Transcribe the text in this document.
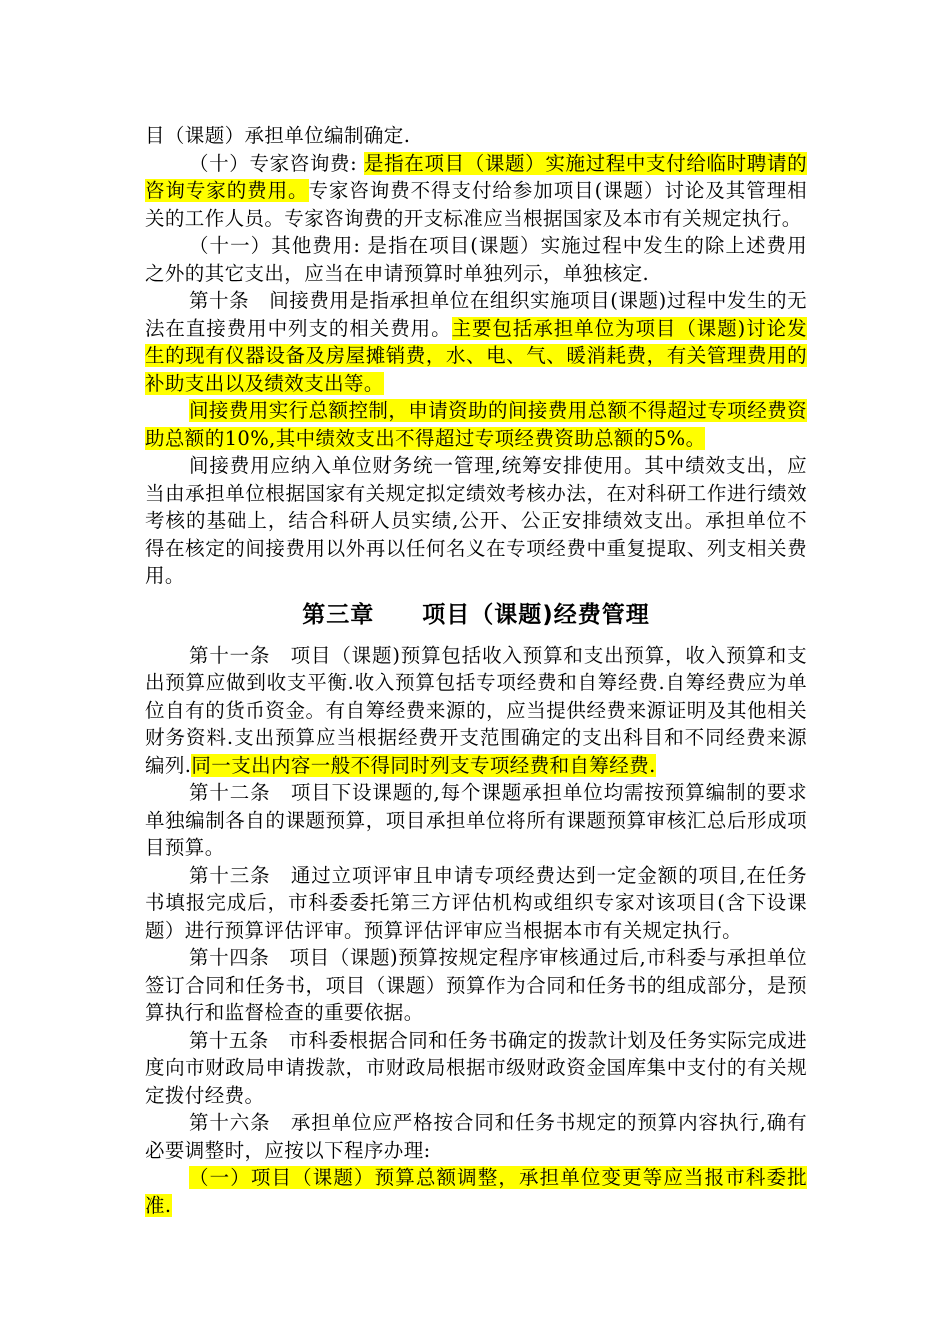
目（课题）承担单位编制确定.

（十）专家咨询费: 是指在项目（课题）实施过程中支付给临时聘请的咨询专家的费用。专家咨询费不得支付给参加项目(课题）讨论及其管理相关的工作人员。专家咨询费的开支标准应当根据国家及本市有关规定执行。

（十一）其他费用: 是指在项目(课题）实施过程中发生的除上述费用之外的其它支出，应当在申请预算时单独列示，单独核定.

第十条　间接费用是指承担单位在组织实施项目(课题)过程中发生的无法在直接费用中列支的相关费用。主要包括承担单位为项目（课题)讨论发生的现有仪器设备及房屋摊销费，水、电、气、暖消耗费，有关管理费用的补助支出以及绩效支出等。

间接费用实行总额控制，申请资助的间接费用总额不得超过专项经费资助总额的10%,其中绩效支出不得超过专项经费资助总额的5%。

间接费用应纳入单位财务统一管理,统筹安排使用。其中绩效支出，应当由承担单位根据国家有关规定拟定绩效考核办法，在对科研工作进行绩效考核的基础上，结合科研人员实绩,公开、公正安排绩效支出。承担单位不得在核定的间接费用以外再以任何名义在专项经费中重复提取、列支相关费用。

第三章　　项目（课题)经费管理

第十一条　项目（课题)预算包括收入预算和支出预算，收入预算和支出预算应做到收支平衡.收入预算包括专项经费和自筹经费.自筹经费应为单位自有的货币资金。有自筹经费来源的，应当提供经费来源证明及其他相关财务资料.支出预算应当根据经费开支范围确定的支出科目和不同经费来源编列.同一支出内容一般不得同时列支专项经费和自筹经费.

第十二条　项目下设课题的,每个课题承担单位均需按预算编制的要求单独编制各自的课题预算，项目承担单位将所有课题预算审核汇总后形成项目预算。

第十三条　通过立项评审且申请专项经费达到一定金额的项目,在任务书填报完成后，市科委委托第三方评估机构或组织专家对该项目(含下设课题）进行预算评估评审。预算评估评审应当根据本市有关规定执行。

第十四条　项目（课题)预算按规定程序审核通过后,市科委与承担单位签订合同和任务书，项目（课题）预算作为合同和任务书的组成部分，是预算执行和监督检查的重要依据。

第十五条　市科委根据合同和任务书确定的拨款计划及任务实际完成进度向市财政局申请拨款，市财政局根据市级财政资金国库集中支付的有关规定拨付经费。

第十六条　承担单位应严格按合同和任务书规定的预算内容执行,确有必要调整时，应按以下程序办理:

（一）项目（课题）预算总额调整，承担单位变更等应当报市科委批准.
